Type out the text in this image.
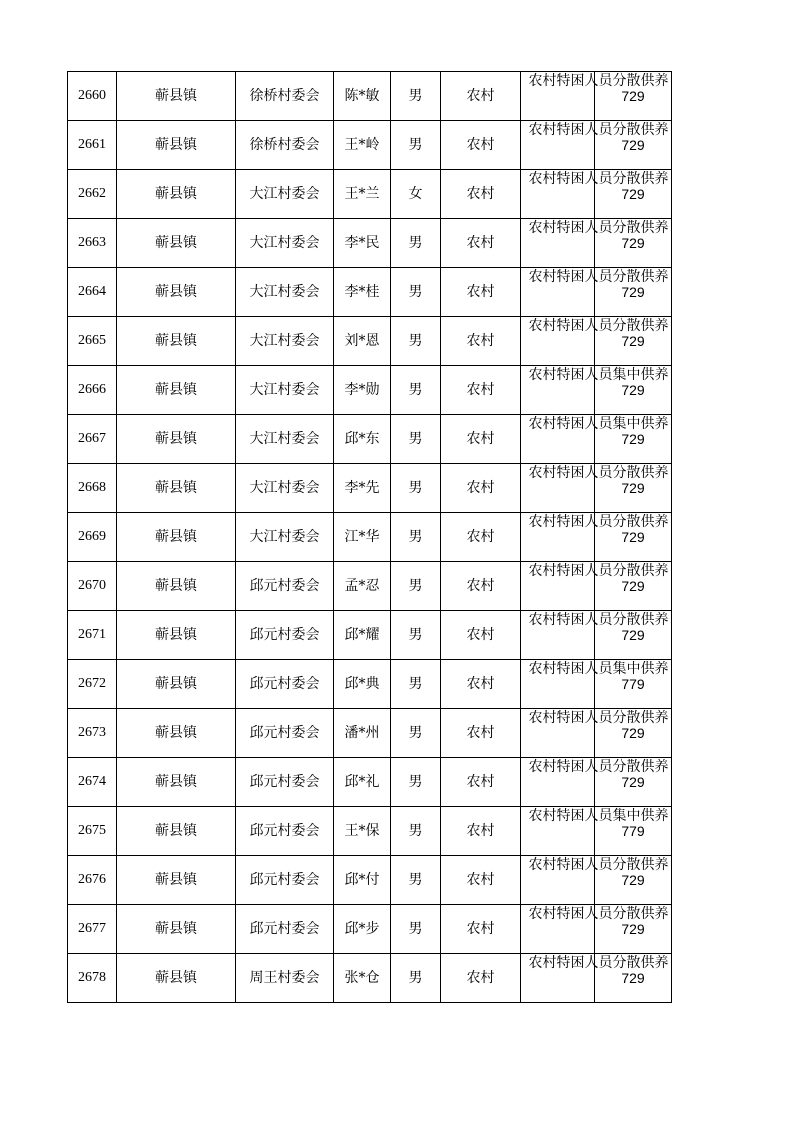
2660	蕲县镇	徐桥村委会	陈*敏	男	农村	农村特困人员分散供养	729
2661	蕲县镇	徐桥村委会	王*岭	男	农村	农村特困人员分散供养	729
2662	蕲县镇	大江村委会	王*兰	女	农村	农村特困人员分散供养	729
2663	蕲县镇	大江村委会	李*民	男	农村	农村特困人员分散供养	729
2664	蕲县镇	大江村委会	李*桂	男	农村	农村特困人员分散供养	729
2665	蕲县镇	大江村委会	刘*恩	男	农村	农村特困人员分散供养	729
2666	蕲县镇	大江村委会	李*勋	男	农村	农村特困人员集中供养	729
2667	蕲县镇	大江村委会	邱*东	男	农村	农村特困人员集中供养	729
2668	蕲县镇	大江村委会	李*先	男	农村	农村特困人员分散供养	729
2669	蕲县镇	大江村委会	江*华	男	农村	农村特困人员分散供养	729
2670	蕲县镇	邱元村委会	孟*忍	男	农村	农村特困人员分散供养	729
2671	蕲县镇	邱元村委会	邱*耀	男	农村	农村特困人员分散供养	729
2672	蕲县镇	邱元村委会	邱*典	男	农村	农村特困人员集中供养	779
2673	蕲县镇	邱元村委会	潘*州	男	农村	农村特困人员分散供养	729
2674	蕲县镇	邱元村委会	邱*礼	男	农村	农村特困人员分散供养	729
2675	蕲县镇	邱元村委会	王*保	男	农村	农村特困人员集中供养	779
2676	蕲县镇	邱元村委会	邱*付	男	农村	农村特困人员分散供养	729
2677	蕲县镇	邱元村委会	邱*步	男	农村	农村特困人员分散供养	729
2678	蕲县镇	周王村委会	张*仓	男	农村	农村特困人员分散供养	729
